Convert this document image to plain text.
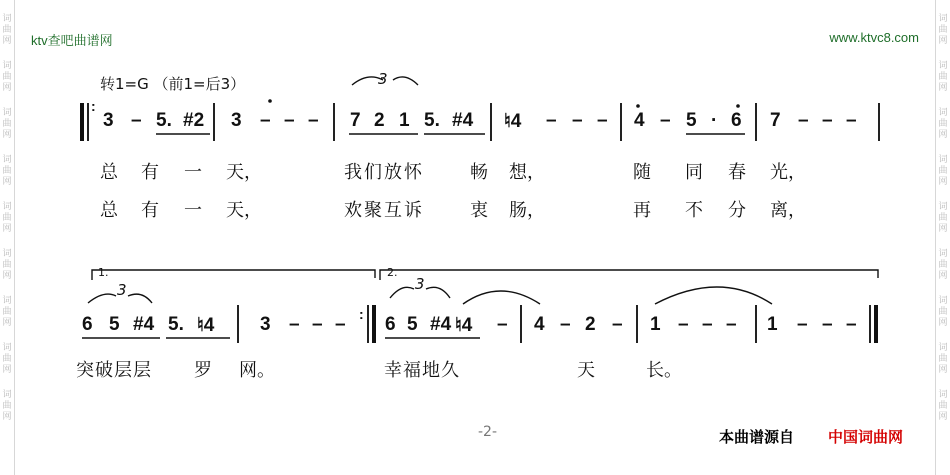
词
曲
网
词
曲
网
词
曲
网
词
曲
网
词
曲
网
词
曲
网
词
曲
网
词
曲
网
词
曲
网
词
曲
网
词
曲
网
词
曲
网
词
曲
网
词
曲
网
词
曲
网
词
曲
网
词
曲
网
词
曲
网
ktv查吧曲谱网	www.ktvc8.com
转1=G （前1=后3）
:
3 – 5. #2 3 – – – 7 2 1 5. #4 ♮4 – – – 4 – 5 · 6 7 – – –
3
总 有 一 天，	我们放怀	畅 想，	随 同 春 光，
总 有 一 天，	欢聚互诉	衷 肠，	再 不 分 离，
1.	2.
6 5 #4 5. ♮4 3 – – – : 6 5 #4 ♮4 – 4 – 2 – 1 – – – 1 – – –
3	3
突破层层 罗 网。	幸福地久	天	长。
-2-	本曲谱源自 中国词曲网
